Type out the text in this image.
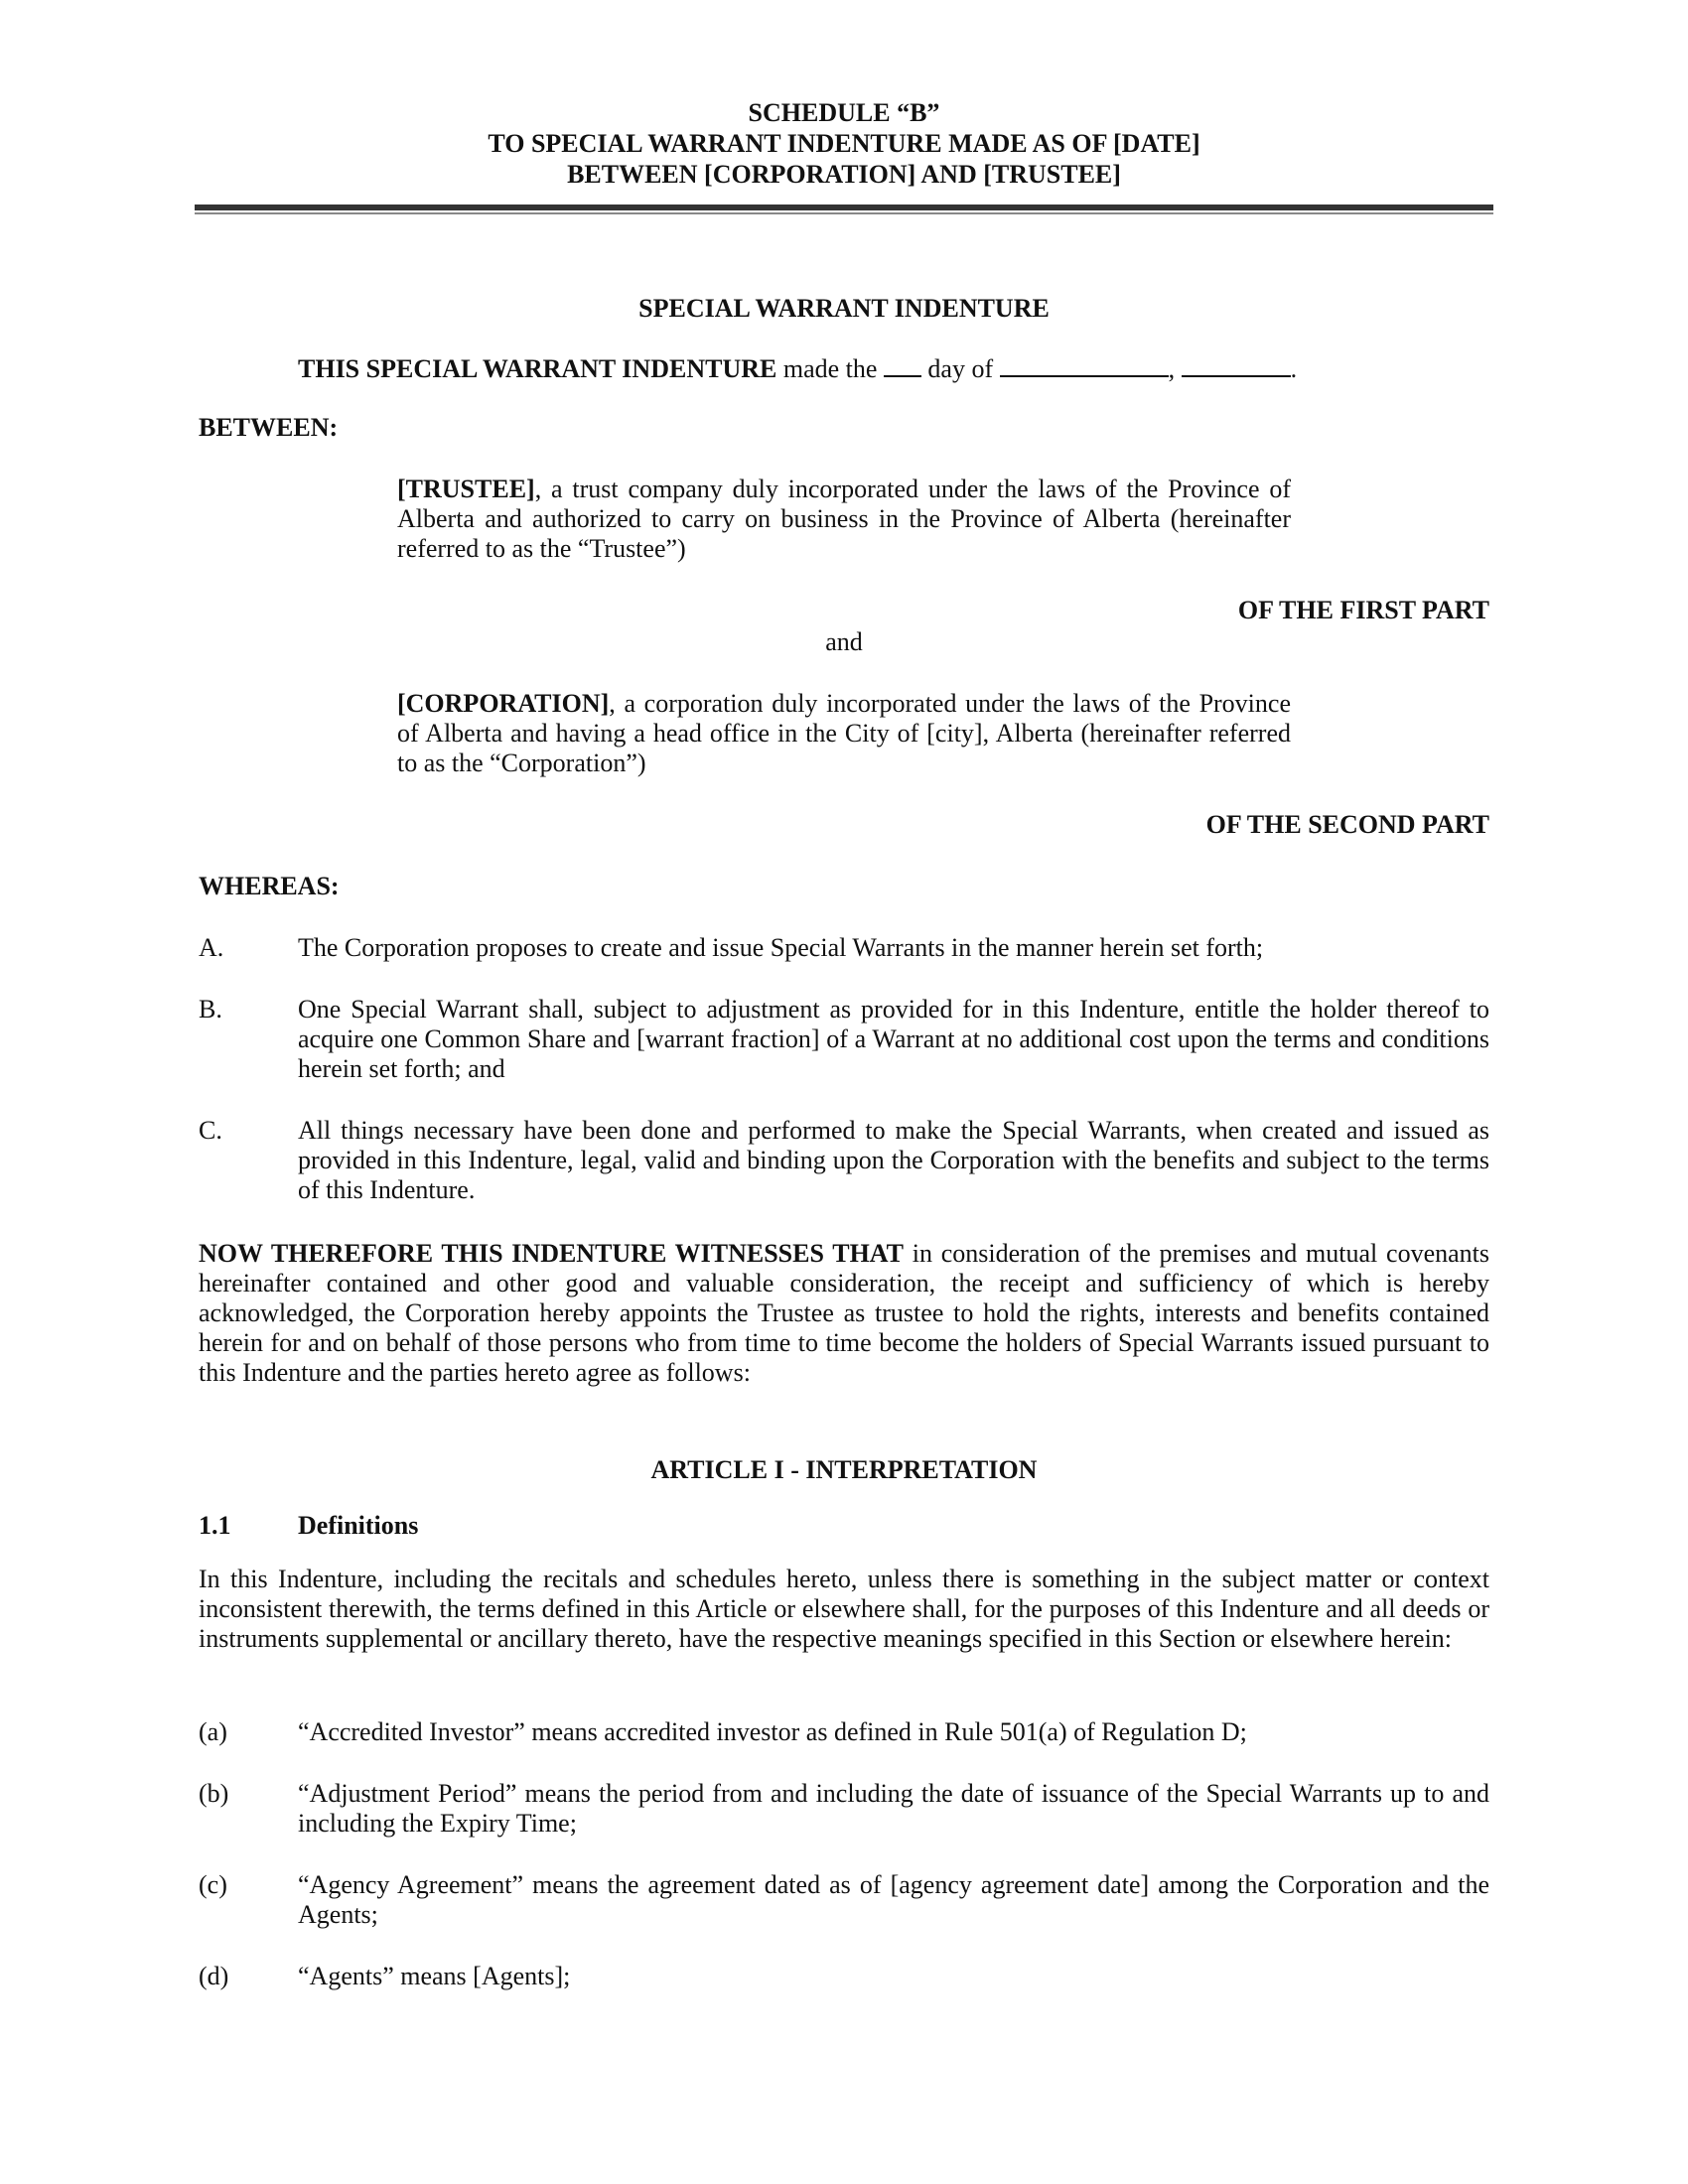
SCHEDULE “B”
TO SPECIAL WARRANT INDENTURE MADE AS OF [DATE]
BETWEEN [CORPORATION] AND [TRUSTEE]
SPECIAL WARRANT INDENTURE
THIS SPECIAL WARRANT INDENTURE made the  day of	,	.
BETWEEN:
[TRUSTEE], a trust company duly incorporated under the laws of the Province of Alberta and authorized to carry on business in the Province of Alberta (hereinafter referred to as the “Trustee”)
OF THE FIRST PART
and
[CORPORATION], a corporation duly incorporated under the laws of the Province of Alberta and having a head office in the City of [city], Alberta (hereinafter referred to as the “Corporation”)
OF THE SECOND PART
WHEREAS:
A.	The Corporation proposes to create and issue Special Warrants in the manner herein set forth;
B.	One Special Warrant shall, subject to adjustment as provided for in this Indenture, entitle the holder thereof to acquire one Common Share and [warrant fraction] of a Warrant at no additional cost upon the terms and conditions herein set forth; and
C.	All things necessary have been done and performed to make the Special Warrants, when created and issued as provided in this Indenture, legal, valid and binding upon the Corporation with the benefits and subject to the terms of this Indenture.
NOW THEREFORE THIS INDENTURE WITNESSES THAT in consideration of the premises and mutual covenants hereinafter contained and other good and valuable consideration, the receipt and sufficiency of which is hereby acknowledged, the Corporation hereby appoints the Trustee as trustee to hold the rights, interests and benefits contained herein for and on behalf of those persons who from time to time become the holders of Special Warrants issued pursuant to this Indenture and the parties hereto agree as follows:
ARTICLE I - INTERPRETATION
1.1	Definitions
In this Indenture, including the recitals and schedules hereto, unless there is something in the subject matter or context inconsistent therewith, the terms defined in this Article or elsewhere shall, for the purposes of this Indenture and all deeds or instruments supplemental or ancillary thereto, have the respective meanings specified in this Section or elsewhere herein:
(a)	“Accredited Investor” means accredited investor as defined in Rule 501(a) of Regulation D;
(b)	“Adjustment Period” means the period from and including the date of issuance of the Special Warrants up to and including the Expiry Time;
(c)	“Agency Agreement” means the agreement dated as of [agency agreement date] among the Corporation and the Agents;
(d)	“Agents” means [Agents];
